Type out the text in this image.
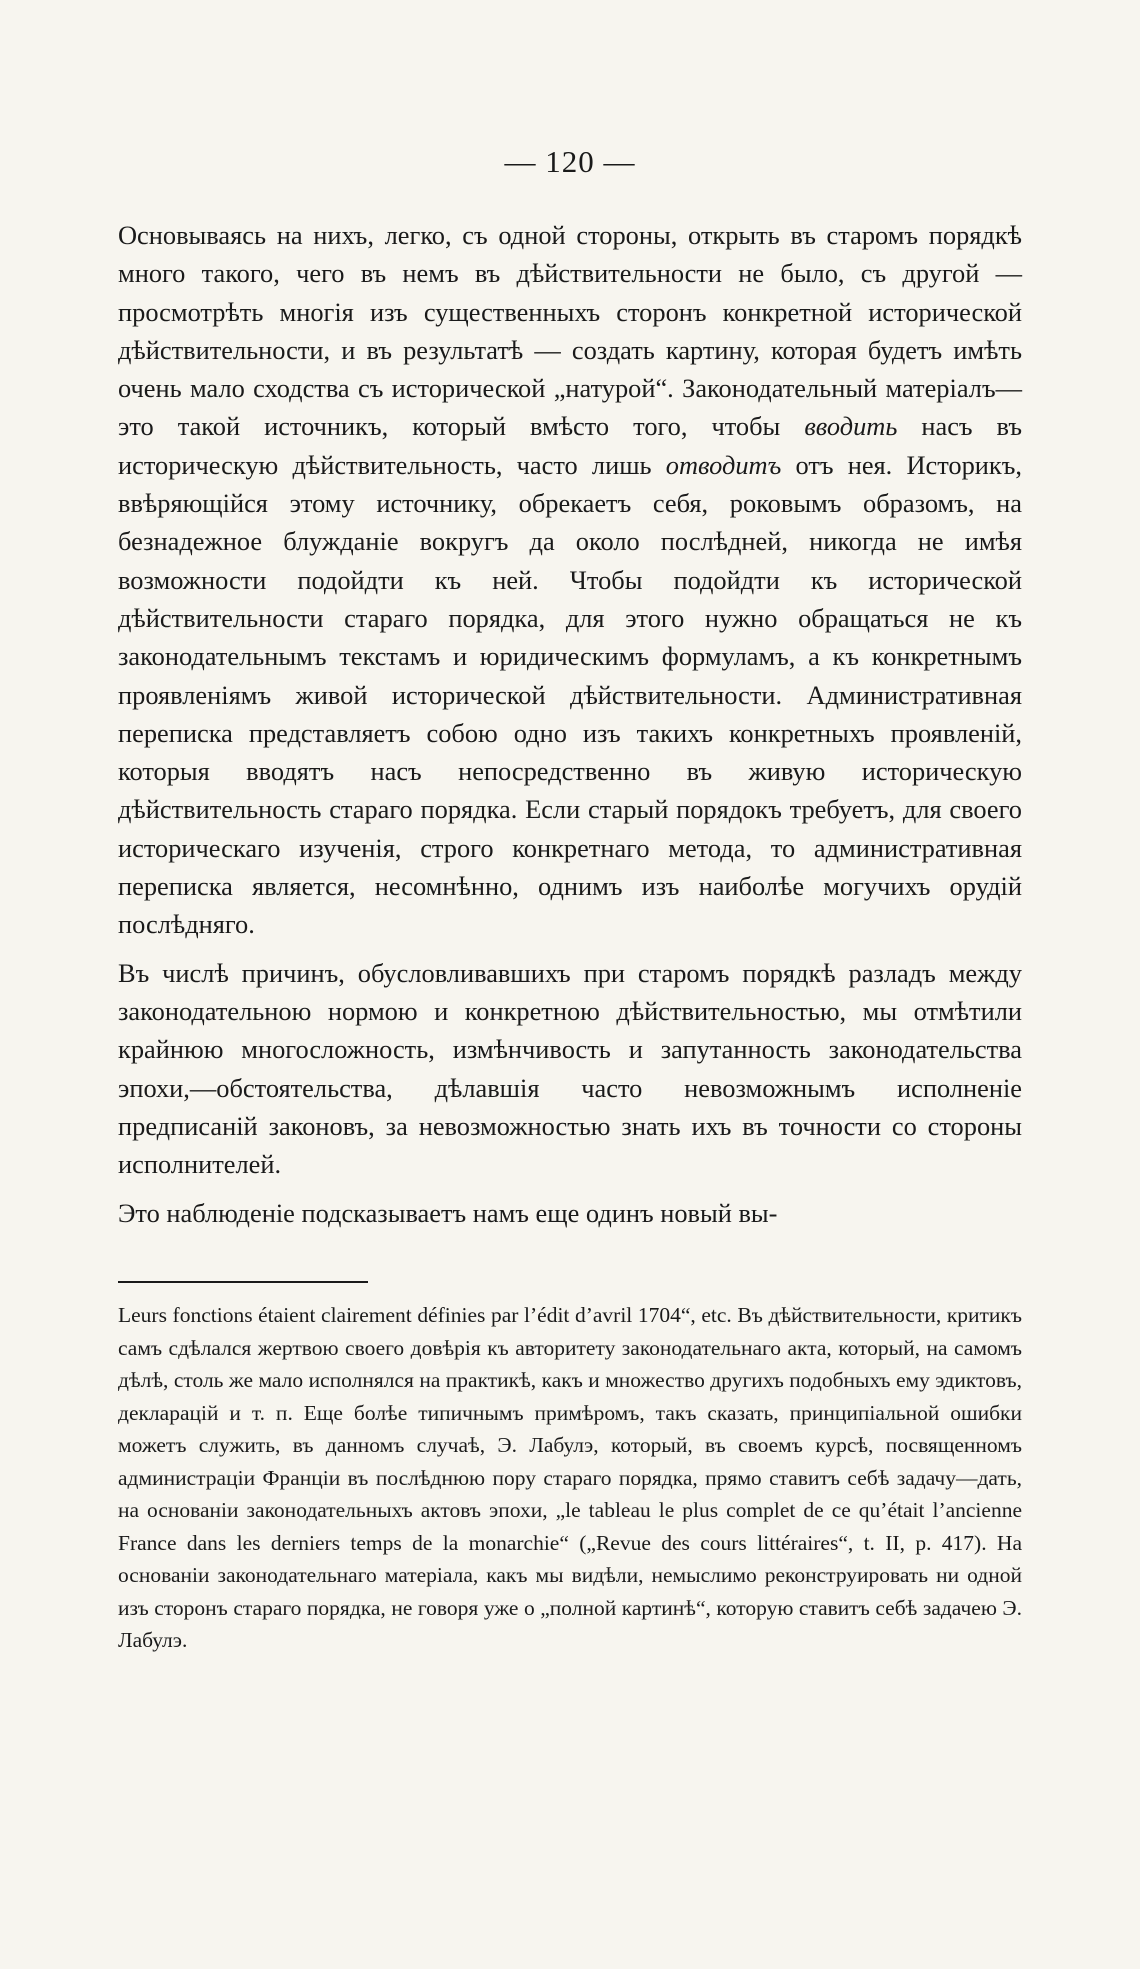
— 120 —

Основываясь на нихъ, легко, съ одной стороны, открыть въ старомъ порядкѣ много такого, чего въ немъ въ дѣйствительности не было, съ другой — просмотрѣть многія изъ существенныхъ сторонъ конкретной исторической дѣйствительности, и въ результатѣ — создать картину, которая будетъ имѣть очень мало сходства съ исторической „натурой“. Законодательный матеріалъ—это такой источникъ, который вмѣсто того, чтобы вводить насъ въ историческую дѣйствительность, часто лишь отводитъ отъ нея. Историкъ, ввѣряющійся этому источнику, обрекаетъ себя, роковымъ образомъ, на безнадежное блужданіе вокругъ да около послѣдней, никогда не имѣя возможности подойдти къ ней. Чтобы подойдти къ исторической дѣйствительности стараго порядка, для этого нужно обращаться не къ законодательнымъ текстамъ и юридическимъ формуламъ, а къ конкретнымъ проявленіямъ живой исторической дѣйствительности. Административная переписка представляетъ собою одно изъ такихъ конкретныхъ проявленій, которыя вводятъ насъ непосредственно въ живую историческую дѣйствительность стараго порядка. Если старый порядокъ требуетъ, для своего историческаго изученія, строго конкретнаго метода, то административная переписка является, несомнѣнно, однимъ изъ наиболѣе могучихъ орудій послѣдняго.

Въ числѣ причинъ, обусловливавшихъ при старомъ порядкѣ разладъ между законодательною нормою и конкретною дѣйствительностью, мы отмѣтили крайнюю многосложность, измѣнчивость и запутанность законодательства эпохи,—обстоятельства, дѣлавшія часто невозможнымъ исполненіе предписаній законовъ, за невозможностью знать ихъ въ точности со стороны исполнителей.

Это наблюденіе подсказываетъ намъ еще одинъ новый вы-

Leurs fonctions étaient clairement définies par l’édit d’avril 1704“, etc. Въ дѣйствительности, критикъ самъ сдѣлался жертвою своего довѣрія къ авторитету законодательнаго акта, который, на самомъ дѣлѣ, столь же мало исполнялся на практикѣ, какъ и множество другихъ подобныхъ ему эдиктовъ, декларацій и т. п. Еще болѣе типичнымъ примѣромъ, такъ сказать, принципіальной ошибки можетъ служить, въ данномъ случаѣ, Э. Лабулэ, который, въ своемъ курсѣ, посвященномъ администраціи Франціи въ послѣднюю пору стараго порядка, прямо ставитъ себѣ задачу—дать, на основаніи законодательныхъ актовъ эпохи, „le tableau le plus complet de ce qu’était l’ancienne France dans les derniers temps de la monarchie“ („Revue des cours littéraires“, t. II, p. 417). На основаніи законодательнаго матеріала, какъ мы видѣли, немыслимо реконструировать ни одной изъ сторонъ стараго порядка, не говоря уже о „полной картинѣ“, которую ставитъ себѣ задачею Э. Лабулэ.
